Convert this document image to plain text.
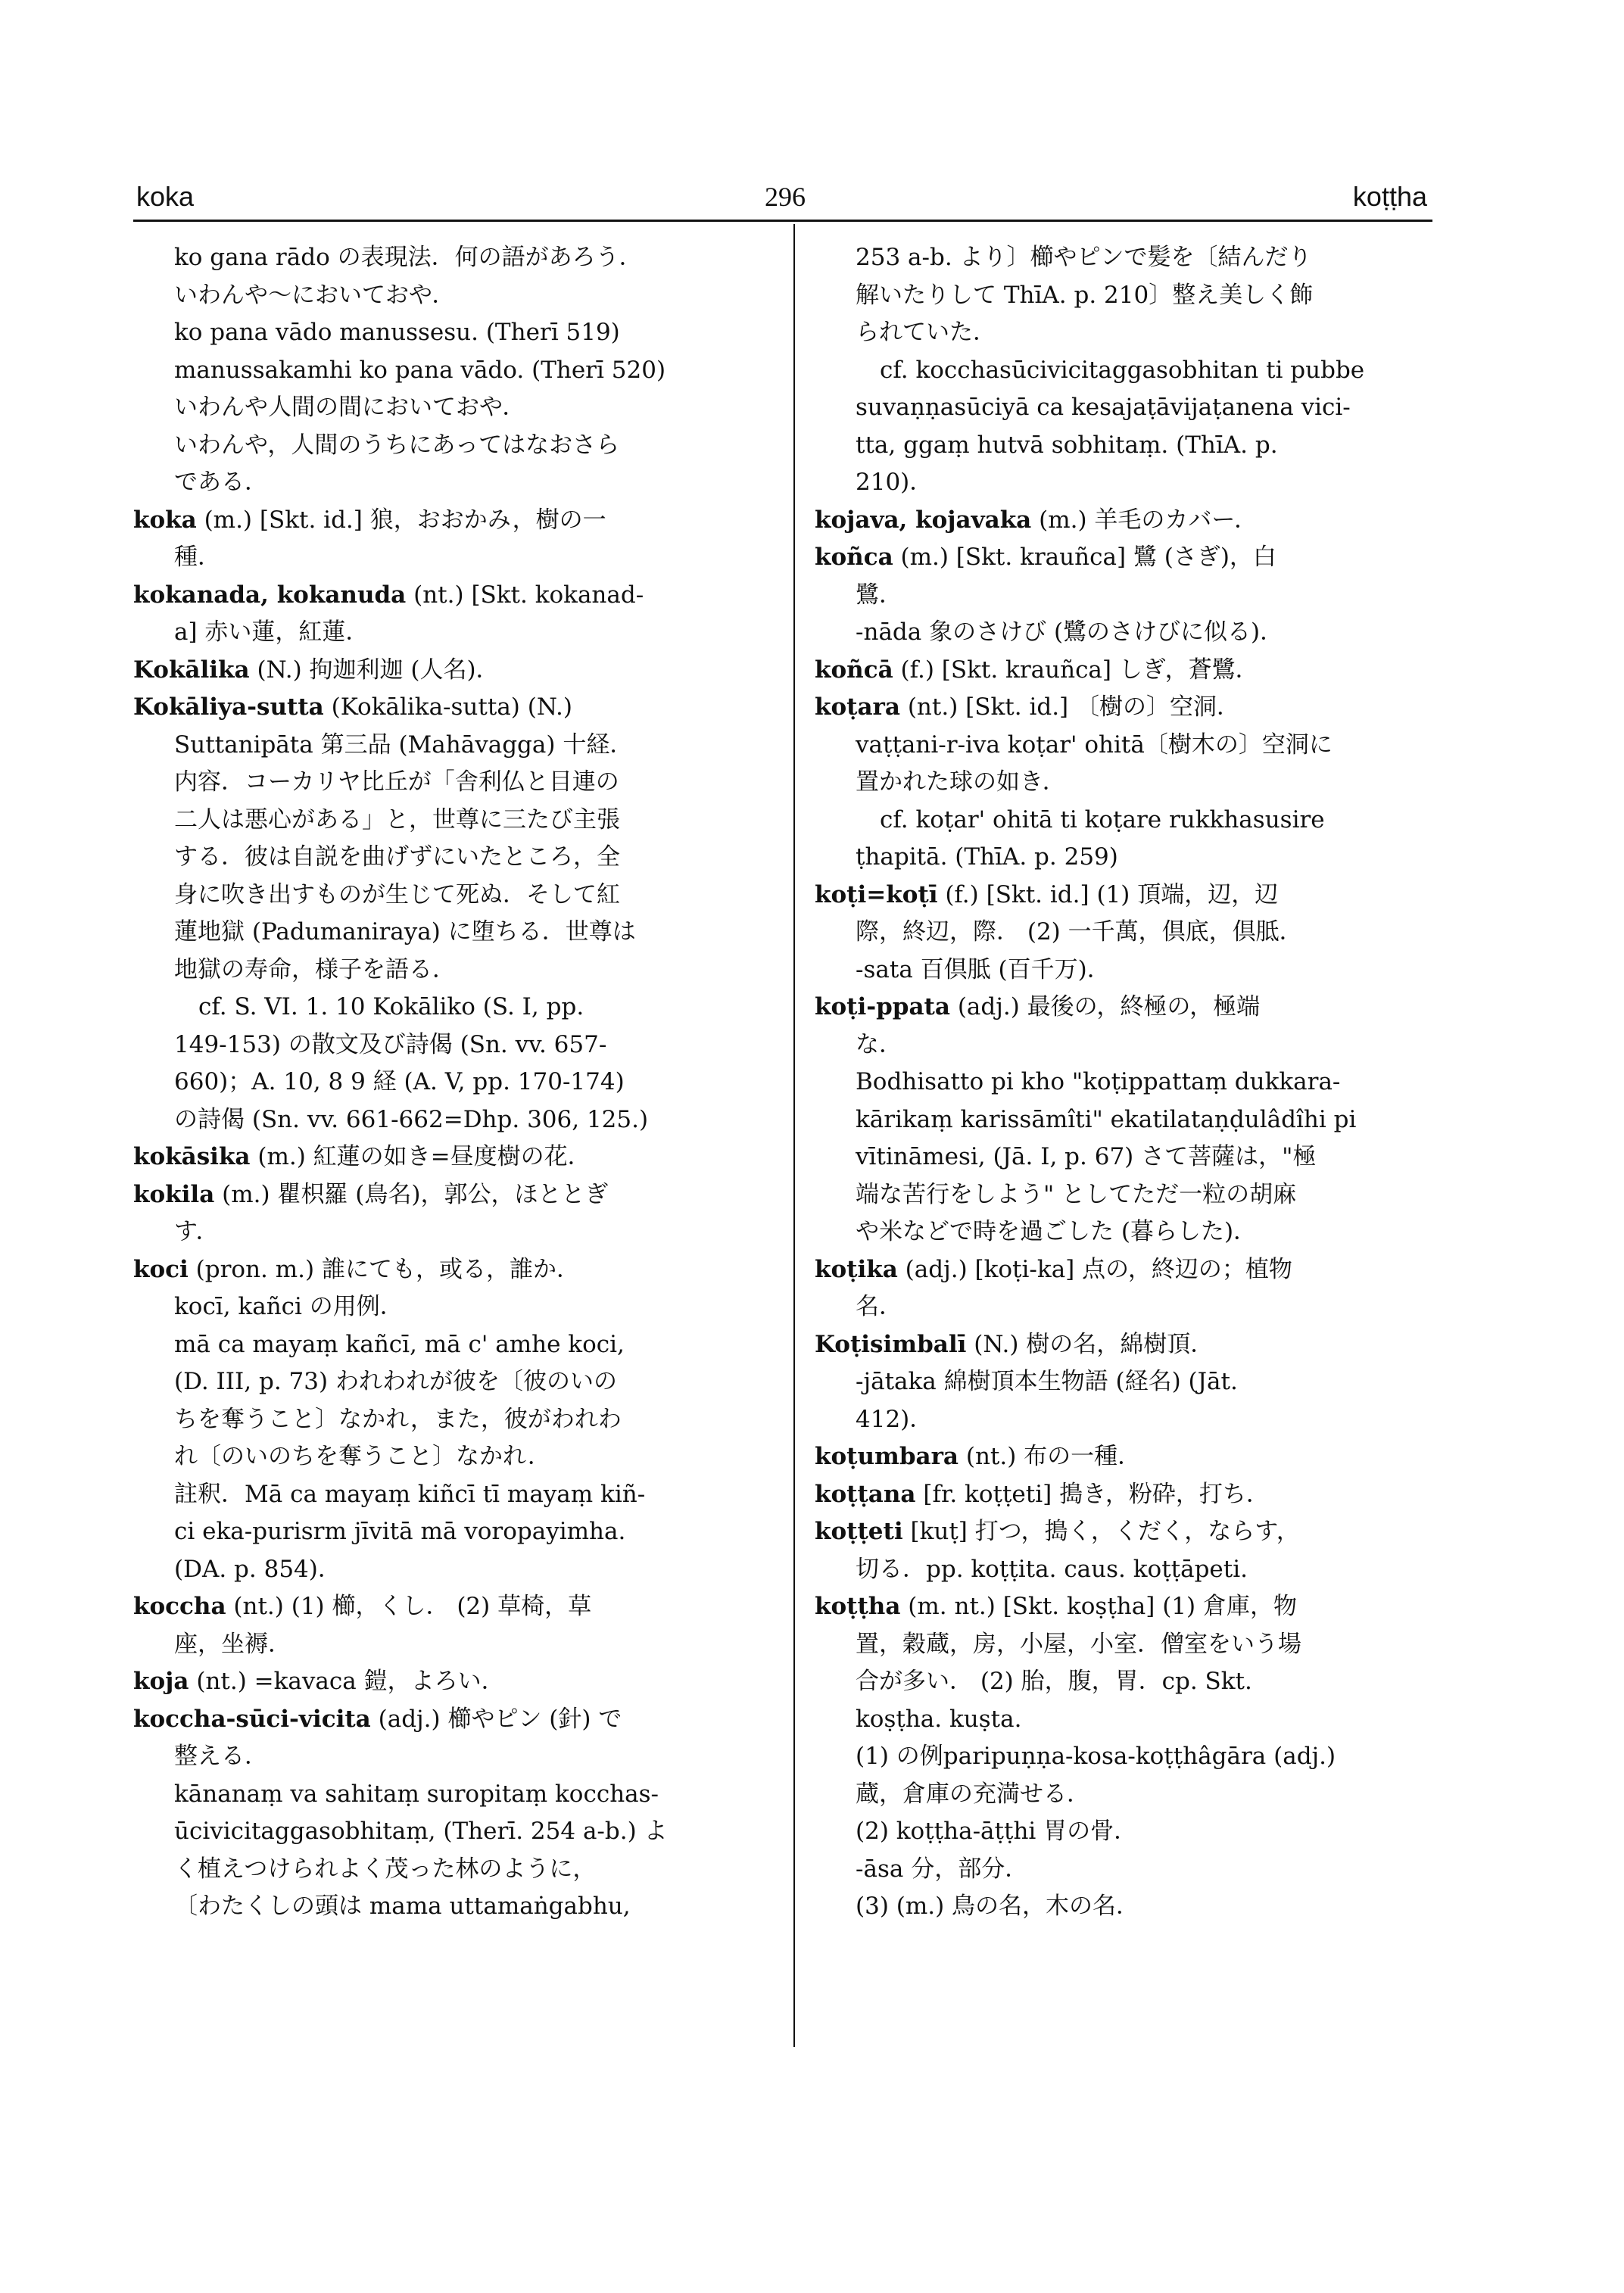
koka	296	koṭṭha
ko gana rādo の表現法．何の語があろう．
いわんや〜においておや．
ko pana vādo manussesu. (Therī 519)
manussakamhi ko pana vādo. (Therī 520)
いわんや人間の間においておや．
いわんや，人間のうちにあってはなおさら
である．
koka (m.) [Skt. id.] 狼，おおかみ，樹の一
種．
kokanada, kokanuda (nt.) [Skt. kokanad-
a] 赤い蓮，紅蓮．
Kokālika (N.) 拘迦利迦 (人名)．
Kokāliya-sutta (Kokālika-sutta) (N.)
Suttanipāta 第三品 (Mahāvagga) 十経．
内容．コーカリヤ比丘が「舎利仏と目連の
二人は悪心がある」と，世尊に三たび主張
する．彼は自説を曲げずにいたところ，全
身に吹き出すものが生じて死ぬ．そして紅
蓮地獄 (Padumaniraya) に堕ちる．世尊は
地獄の寿命，様子を語る．
cf. S. VI. 1. 10 Kokāliko (S. I, pp.
149-153) の散文及び詩偈 (Sn. vv. 657-
660)；A. 10, 8 9 経 (A. V, pp. 170-174)
の詩偈 (Sn. vv. 661-662=Dhp. 306, 125.)
kokāsika (m.) 紅蓮の如き=昼度樹の花．
kokila (m.) 瞿枳羅 (鳥名)，郭公，ほととぎ
す．
koci (pron. m.) 誰にても，或る，誰か．
kocī, kañci の用例．
mā ca mayaṃ kañcī, mā c' amhe koci,
(D. III, p. 73) われわれが彼を〔彼のいの
ちを奪うこと〕なかれ，また，彼がわれわ
れ〔のいのちを奪うこと〕なかれ．
註釈．Mā ca mayaṃ kiñcī tī mayaṃ kiñ-
ci eka-purisrm jīvitā mā voropayimha.
(DA. p. 854)．
koccha (nt.) (1) 櫛，くし． (2) 草椅，草
座，坐褥．
koja (nt.) =kavaca 鎧，よろい．
koccha-sūci-vicita (adj.) 櫛やピン (針) で
整える．
kānanaṃ va sahitaṃ suropitaṃ kocchas-
ūcivicitaggasobhitaṃ, (Therī. 254 a-b.) よ
く植えつけられよく茂った林のように，
〔わたくしの頭は mama uttamaṅgabhu,
253 a-b. より〕櫛やピンで髪を〔結んだり
解いたりして ThīA. p. 210〕整え美しく飾
られていた．
cf. kocchasūcivicitaggasobhitan ti pubbe
suvaṇṇasūciyā ca kesajaṭāvijaṭanena vici-
tta, ggaṃ hutvā sobhitaṃ. (ThīA. p.
210)．
kojava, kojavaka (m.) 羊毛のカバー．
koñca (m.) [Skt. krauñca] 鷺 (さぎ)，白
鷺．
-nāda 象のさけび (鷺のさけびに似る)．
koñcā (f.) [Skt. krauñca] しぎ，蒼鷺．
koṭara (nt.) [Skt. id.] 〔樹の〕空洞．
vaṭṭani-r-iva koṭar' ohitā〔樹木の〕空洞に
置かれた球の如き．
cf. koṭar' ohitā ti koṭare rukkhasusire
ṭhapitā. (ThīA. p. 259)
koṭi=koṭī (f.) [Skt. id.] (1) 頂端，辺，辺
際，終辺，際． (2) 一千萬，倶底，倶胝．
-sata 百倶胝 (百千万)．
koṭi-ppata (adj.) 最後の，終極の，極端
な．
Bodhisatto pi kho "koṭippattaṃ dukkara-
kārikaṃ karissāmîti" ekatilataṇḍulâdîhi pi
vītināmesi, (Jā. I, p. 67) さて菩薩は，"極
端な苦行をしよう" としてただ一粒の胡麻
や米などで時を過ごした (暮らした)．
koṭika (adj.) [koṭi-ka] 点の，終辺の；植物
名．
Koṭisimbalī (N.) 樹の名，綿樹頂．
-jātaka 綿樹頂本生物語 (経名) (Jāt.
412)．
koṭumbara (nt.) 布の一種．
koṭṭana [fr. koṭṭeti] 搗き，粉砕，打ち．
koṭṭeti [kuṭ] 打つ，搗く，くだく，ならす，
切る．pp. koṭṭita. caus. koṭṭāpeti.
koṭṭha (m. nt.) [Skt. koṣṭha] (1) 倉庫，物
置，穀蔵，房，小屋，小室．僧室をいう場
合が多い． (2) 胎，腹，胃．cp. Skt.
koṣṭha. kuṣta.
(1) の例paripuṇṇa-kosa-koṭṭhâgāra (adj.)
蔵，倉庫の充満せる．
(2) koṭṭha-āṭṭhi 胃の骨．
-āsa 分，部分．
(3) (m.) 鳥の名，木の名．
